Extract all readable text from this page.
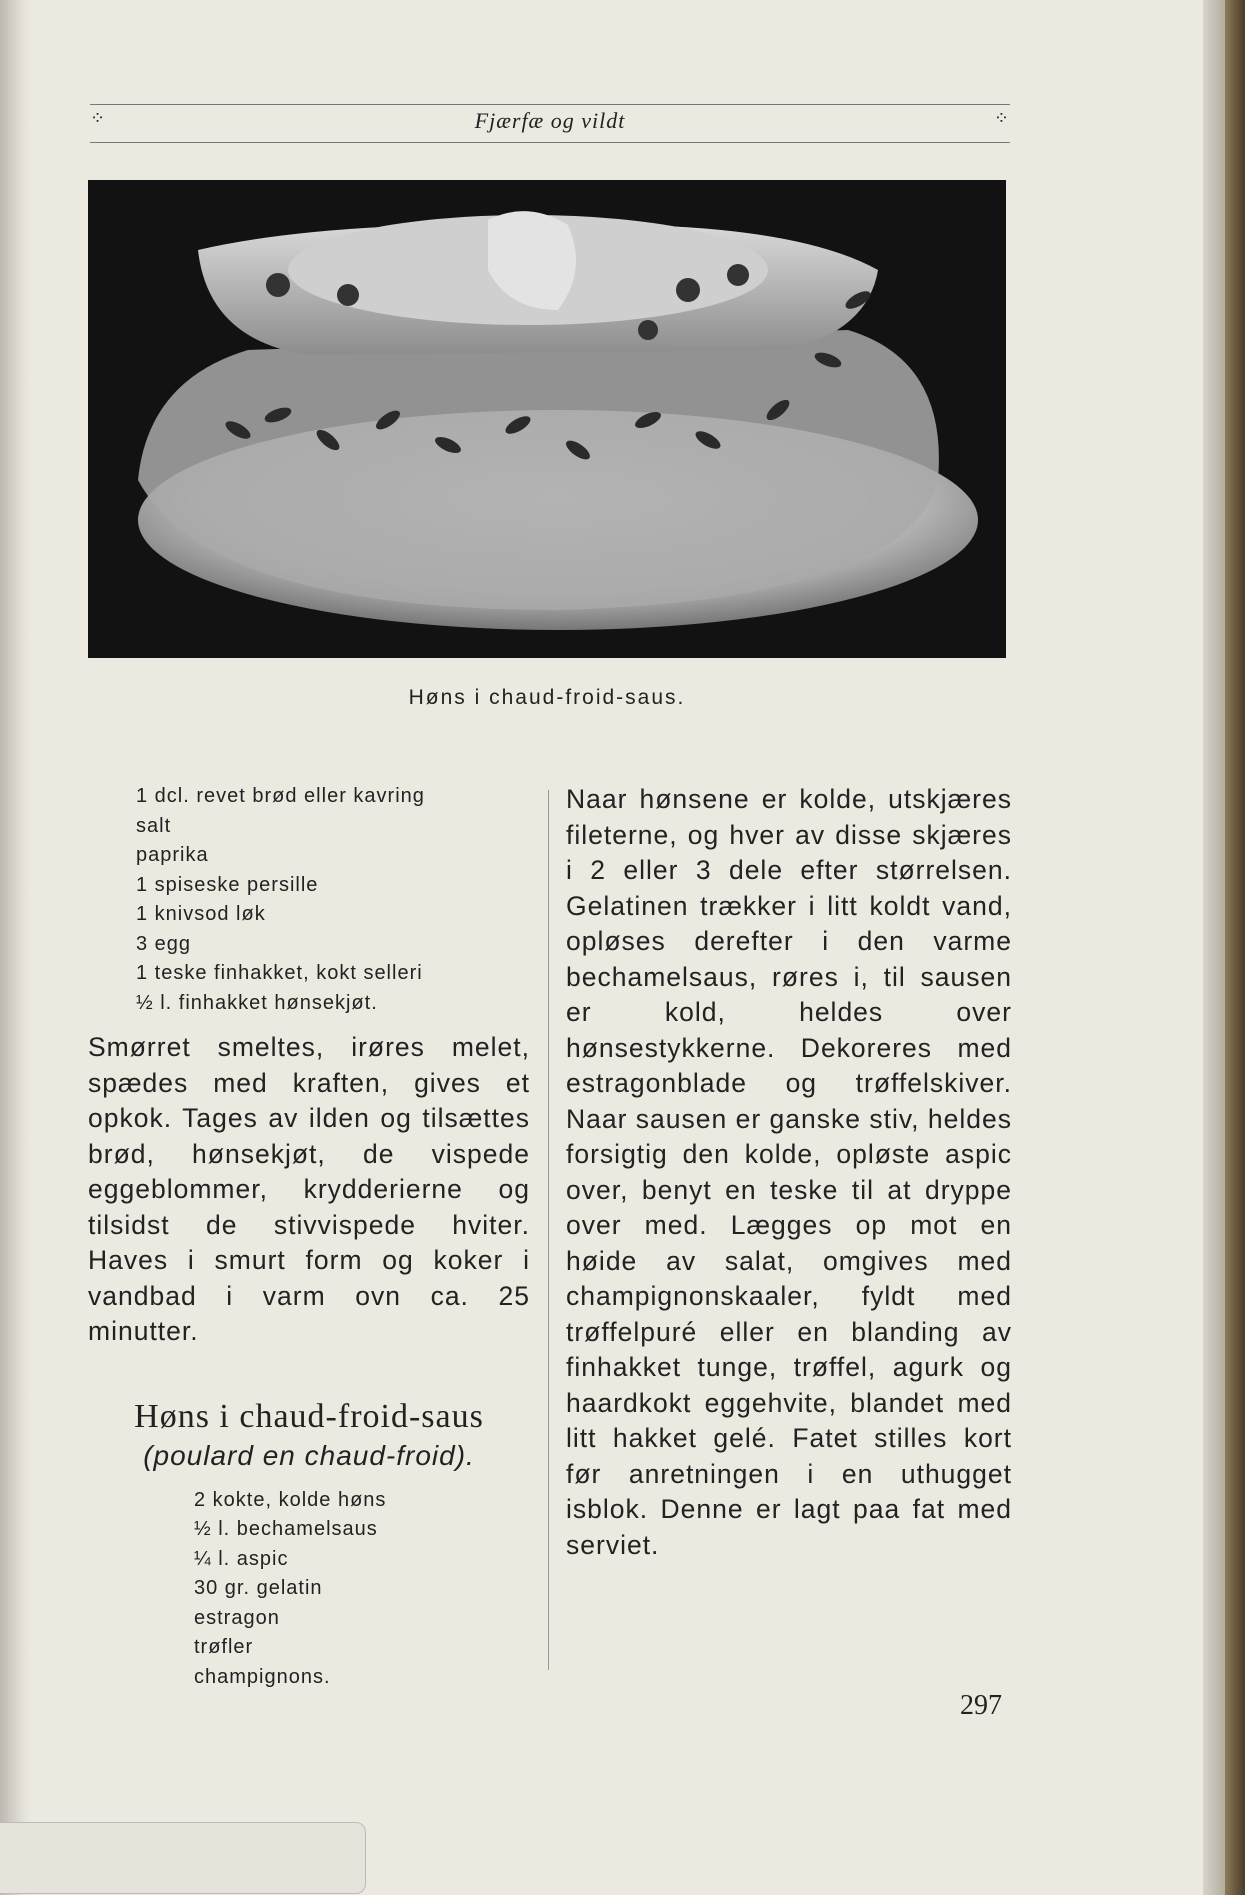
⁘	Fjærfæ og vildt	⁘
Høns i chaud-froid-saus.
1 dcl. revet brød eller kavring
salt
paprika
1 spiseske persille
1 knivsod løk
3 egg
1 teske finhakket, kokt selleri
½ l. finhakket hønsekjøt.

Smørret smeltes, irøres melet, spædes med kraften, gives et opkok. Tages av ilden og tilsættes brød, hønsekjøt, de vispede eggeblommer, krydderierne og tilsidst de stivvispede hviter. Haves i smurt form og koker i vandbad i varm ovn ca. 25 minutter.

Høns i chaud-froid-saus
(poulard en chaud-froid).
2 kokte, kolde høns
½ l. bechamelsaus
¼ l. aspic
30 gr. gelatin
estragon
trøfler
champignons.

Naar hønsene er kolde, utskjæres fileterne, og hver av disse skjæres i 2 eller 3 dele efter størrelsen. Gelatinen trækker i litt koldt vand, opløses derefter i den varme bechamelsaus, røres i, til sausen er kold, heldes over hønsestykkerne. Dekoreres med estragonblade og trøffelskiver. Naar sausen er ganske stiv, heldes forsigtig den kolde, opløste aspic over, benyt en teske til at dryppe over med. Lægges op mot en høide av salat, omgives med champignonskaaler, fyldt med trøffelpuré eller en blanding av finhakket tunge, trøffel, agurk og haardkokt eggehvite, blandet med litt hakket gelé. Fatet stilles kort før anretningen i en uthugget isblok. Denne er lagt paa fat med serviet.

297
